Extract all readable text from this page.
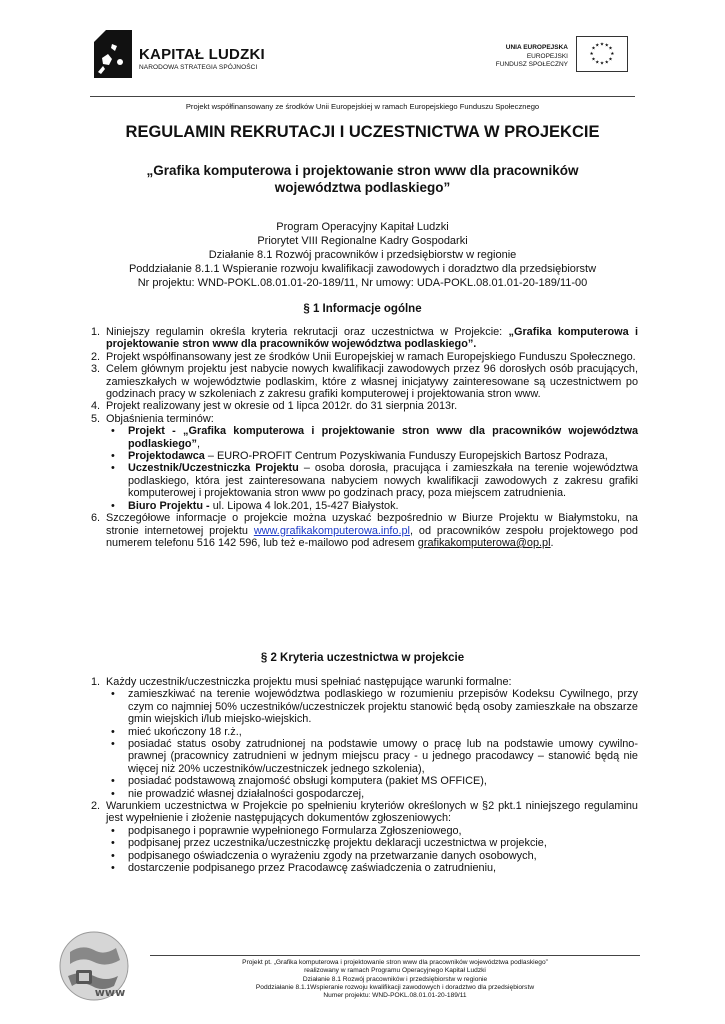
KAPITAŁ LUDZKI
NARODOWA STRATEGIA SPÓJNOŚCI
UNIA EUROPEJSKA
EUROPEJSKI
FUNDUSZ SPOŁECZNY
★ ★
★
★
★
★
★
★
★
★
★
★
Projekt współfinansowany ze środków Unii Europejskiej w ramach Europejskiego Funduszu Społecznego
REGULAMIN REKRUTACJI I UCZESTNICTWA W PROJEKCIE
„Grafika komputerowa i projektowanie stron www dla pracowników województwa podlaskiego”
Program Operacyjny Kapitał Ludzki
Priorytet VIII Regionalne Kadry Gospodarki
Działanie 8.1 Rozwój pracowników i przedsiębiorstw w regionie
Poddziałanie 8.1.1 Wspieranie rozwoju kwalifikacji zawodowych i doradztwo dla przedsiębiorstw
Nr projektu: WND-POKL.08.01.01-20-189/11, Nr umowy: UDA-POKL.08.01.01-20-189/11-00
§ 1 Informacje ogólne
1. Niniejszy regulamin określa kryteria rekrutacji oraz uczestnictwa w Projekcie: „Grafika komputerowa i projektowanie stron www dla pracowników województwa podlaskiego”.
2. Projekt współfinansowany jest ze środków Unii Europejskiej w ramach Europejskiego Funduszu Społecznego.
3. Celem głównym projektu jest nabycie nowych kwalifikacji zawodowych przez 96 dorosłych osób pracujących, zamieszkałych w województwie podlaskim, które z własnej inicjatywy zainteresowane są uczestnictwem po godzinach pracy w szkoleniach z zakresu grafiki komputerowej i projektowania stron www.
4. Projekt realizowany jest w okresie od 1 lipca 2012r. do 31 sierpnia 2013r.
5. Objaśnienia terminów:
• Projekt - „Grafika komputerowa i projektowanie stron www dla pracowników województwa podlaskiego”,
• Projektodawca – EURO-PROFIT Centrum Pozyskiwania Funduszy Europejskich Bartosz Podraza,
• Uczestnik/Uczestniczka Projektu – osoba dorosła, pracująca i zamieszkała na terenie województwa podlaskiego, która jest zainteresowana nabyciem nowych kwalifikacji zawodowych z zakresu grafiki komputerowej i projektowania stron www po godzinach pracy, poza miejscem zatrudnienia.
• Biuro Projektu - ul. Lipowa 4 lok.201, 15-427 Białystok.
6. Szczegółowe informacje o projekcie można uzyskać bezpośrednio w Biurze Projektu w Białymstoku, na stronie internetowej projektu www.grafikakomputerowa.info.pl, od pracowników zespołu projektowego pod numerem telefonu 516 142 596, lub też e-mailowo pod adresem grafikakomputerowa@op.pl.
§ 2 Kryteria uczestnictwa w projekcie
1. Każdy uczestnik/uczestniczka projektu musi spełniać następujące warunki formalne:
• zamieszkiwać na terenie województwa podlaskiego w rozumieniu przepisów Kodeksu Cywilnego, przy czym co najmniej 50% uczestników/uczestniczek projektu stanowić będą osoby zamieszkałe na obszarze gmin wiejskich i/lub miejsko-wiejskich.
• mieć ukończony 18 r.ż.,
• posiadać status osoby zatrudnionej na podstawie umowy o pracę lub na podstawie umowy cywilno-prawnej (pracownicy zatrudnieni w jednym miejscu pracy - u jednego pracodawcy – stanowić będą nie więcej niż 20% uczestników/uczestniczek jednego szkolenia),
• posiadać podstawową znajomość obsługi komputera (pakiet MS OFFICE),
• nie prowadzić własnej działalności gospodarczej,
2. Warunkiem uczestnictwa w Projekcie po spełnieniu kryteriów określonych w §2 pkt.1 niniejszego regulaminu jest wypełnienie i złożenie następujących dokumentów zgłoszeniowych:
• podpisanego i poprawnie wypełnionego Formularza Zgłoszeniowego,
• podpisanej przez uczestnika/uczestniczkę projektu deklaracji uczestnictwa w projekcie,
• podpisanego oświadczenia o wyrażeniu zgody na przetwarzanie danych osobowych,
• dostarczenie podpisanego przez Pracodawcę zaświadczenia o zatrudnieniu,
www
Projekt pt. „Grafika komputerowa i projektowanie stron www dla pracowników województwa podlaskiego”
realizowany w ramach Programu Operacyjnego Kapitał Ludzki
Działanie 8.1 Rozwój pracowników i przedsiębiorstw w regionie
Poddziałanie 8.1.1Wspieranie rozwoju kwalifikacji zawodowych i doradztwo dla przedsiębiorstw
Numer projektu: WND-POKL.08.01.01-20-189/11
